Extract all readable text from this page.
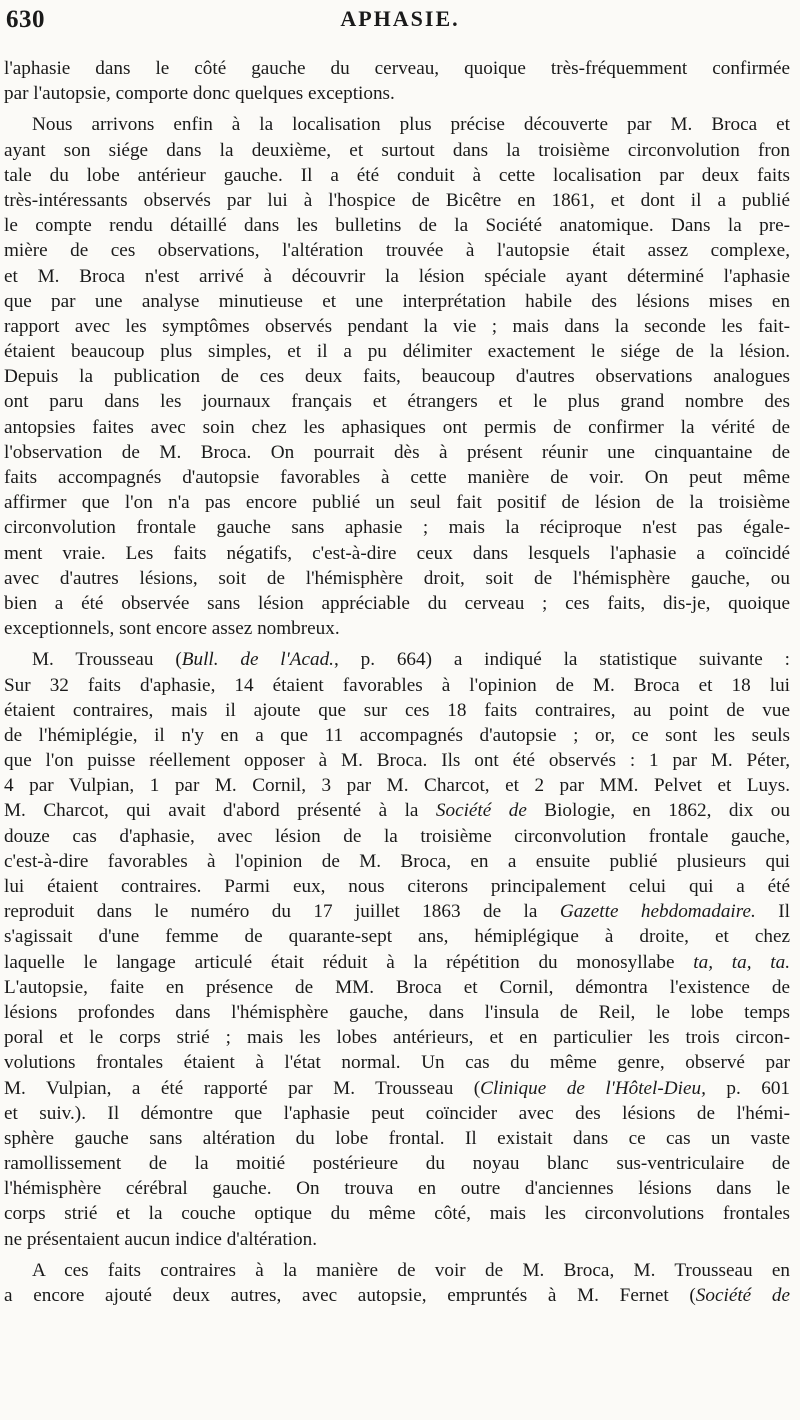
630	APHASIE.
l'aphasie dans le côté gauche du cerveau, quoique très-fréquemment confirmée
par l'autopsie, comporte donc quelques exceptions.
Nous arrivons enfin à la localisation plus précise découverte par M. Broca et
ayant son siége dans la deuxième, et surtout dans la troisième circonvolution fron
tale du lobe antérieur gauche. Il a été conduit à cette localisation par deux faits
très-intéressants observés par lui à l'hospice de Bicêtre en 1861, et dont il a publié
le compte rendu détaillé dans les bulletins de la Société anatomique. Dans la pre-
mière de ces observations, l'altération trouvée à l'autopsie était assez complexe,
et M. Broca n'est arrivé à découvrir la lésion spéciale ayant déterminé l'aphasie
que par une analyse minutieuse et une interprétation habile des lésions mises en
rapport avec les symptômes observés pendant la vie ; mais dans la seconde les fait-
étaient beaucoup plus simples, et il a pu délimiter exactement le siége de la lésion.
Depuis la publication de ces deux faits, beaucoup d'autres observations analogues
ont paru dans les journaux français et étrangers et le plus grand nombre des
antopsies faites avec soin chez les aphasiques ont permis de confirmer la vérité de
l'observation de M. Broca. On pourrait dès à présent réunir une cinquantaine de
faits accompagnés d'autopsie favorables à cette manière de voir. On peut même
affirmer que l'on n'a pas encore publié un seul fait positif de lésion de la troisième
circonvolution frontale gauche sans aphasie ; mais la réciproque n'est pas égale-
ment vraie. Les faits négatifs, c'est-à-dire ceux dans lesquels l'aphasie a coïncidé
avec d'autres lésions, soit de l'hémisphère droit, soit de l'hémisphère gauche, ou
bien a été observée sans lésion appréciable du cerveau ; ces faits, dis-je, quoique
exceptionnels, sont encore assez nombreux.
M. Trousseau (Bull. de l'Acad., p. 664) a indiqué la statistique suivante :
Sur 32 faits d'aphasie, 14 étaient favorables à l'opinion de M. Broca et 18 lui
étaient contraires, mais il ajoute que sur ces 18 faits contraires, au point de vue
de l'hémiplégie, il n'y en a que 11 accompagnés d'autopsie ; or, ce sont les seuls
que l'on puisse réellement opposer à M. Broca. Ils ont été observés : 1 par M. Péter,
4 par Vulpian, 1 par M. Cornil, 3 par M. Charcot, et 2 par MM. Pelvet et Luys.
M. Charcot, qui avait d'abord présenté à la Société de Biologie, en 1862, dix ou
douze cas d'aphasie, avec lésion de la troisième circonvolution frontale gauche,
c'est-à-dire favorables à l'opinion de M. Broca, en a ensuite publié plusieurs qui
lui étaient contraires. Parmi eux, nous citerons principalement celui qui a été
reproduit dans le numéro du 17 juillet 1863 de la Gazette hebdomadaire. Il
s'agissait d'une femme de quarante-sept ans, hémiplégique à droite, et chez
laquelle le langage articulé était réduit à la répétition du monosyllabe ta, ta, ta.
L'autopsie, faite en présence de MM. Broca et Cornil, démontra l'existence de
lésions profondes dans l'hémisphère gauche, dans l'insula de Reil, le lobe temps
poral et le corps strié ; mais les lobes antérieurs, et en particulier les trois circon-
volutions frontales étaient à l'état normal. Un cas du même genre, observé par
M. Vulpian, a été rapporté par M. Trousseau (Clinique de l'Hôtel-Dieu, p. 601
et suiv.). Il démontre que l'aphasie peut coïncider avec des lésions de l'hémi-
sphère gauche sans altération du lobe frontal. Il existait dans ce cas un vaste
ramollissement de la moitié postérieure du noyau blanc sus-ventriculaire de
l'hémisphère cérébral gauche. On trouva en outre d'anciennes lésions dans le
corps strié et la couche optique du même côté, mais les circonvolutions frontales
ne présentaient aucun indice d'altération.
A ces faits contraires à la manière de voir de M. Broca, M. Trousseau en
a encore ajouté deux autres, avec autopsie, empruntés à M. Fernet (Société de
